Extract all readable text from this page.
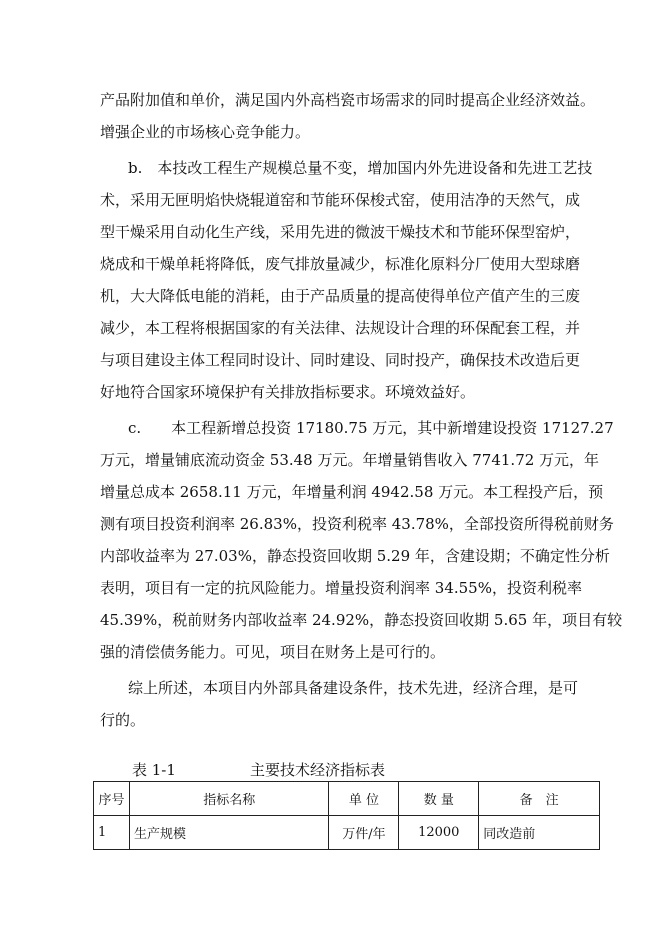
产品附加值和单价，满足国内外高档瓷市场需求的同时提高企业经济效益。
增强企业的市场核心竞争能力。
b.　本技改工程生产规模总量不变，增加国内外先进设备和先进工艺技
术，采用无匣明焰快烧辊道窑和节能环保梭式窑，使用洁净的天然气，成
型干燥采用自动化生产线，采用先进的微波干燥技术和节能环保型窑炉，
烧成和干燥单耗将降低，废气排放量减少，标准化原料分厂使用大型球磨
机，大大降低电能的消耗，由于产品质量的提高使得单位产值产生的三废
减少，本工程将根据国家的有关法律、法规设计合理的环保配套工程，并
与项目建设主体工程同时设计、同时建设、同时投产，确保技术改造后更
好地符合国家环境保护有关排放指标要求。环境效益好。
c.　　本工程新增总投资 17180.75 万元，其中新增建设投资 17127.27
万元，增量铺底流动资金 53.48 万元。年增量销售收入 7741.72 万元，年
增量总成本 2658.11 万元，年增量利润 4942.58 万元。本工程投产后，预
测有项目投资利润率 26.83%，投资利税率 43.78%，全部投资所得税前财务
内部收益率为 27.03%，静态投资回收期 5.29 年，含建设期；不确定性分析
表明，项目有一定的抗风险能力。增量投资利润率 34.55%，投资利税率
45.39%，税前财务内部收益率 24.92%，静态投资回收期 5.65 年，项目有较
强的清偿债务能力。可见，项目在财务上是可行的。
综上所述，本项目内外部具备建设条件，技术先进，经济合理，是可
行的。
表 1-1	主要技术经济指标表
序号	指标名称	单 位	数 量	备　注
1	生产规模	万件/年	12000	同改造前
